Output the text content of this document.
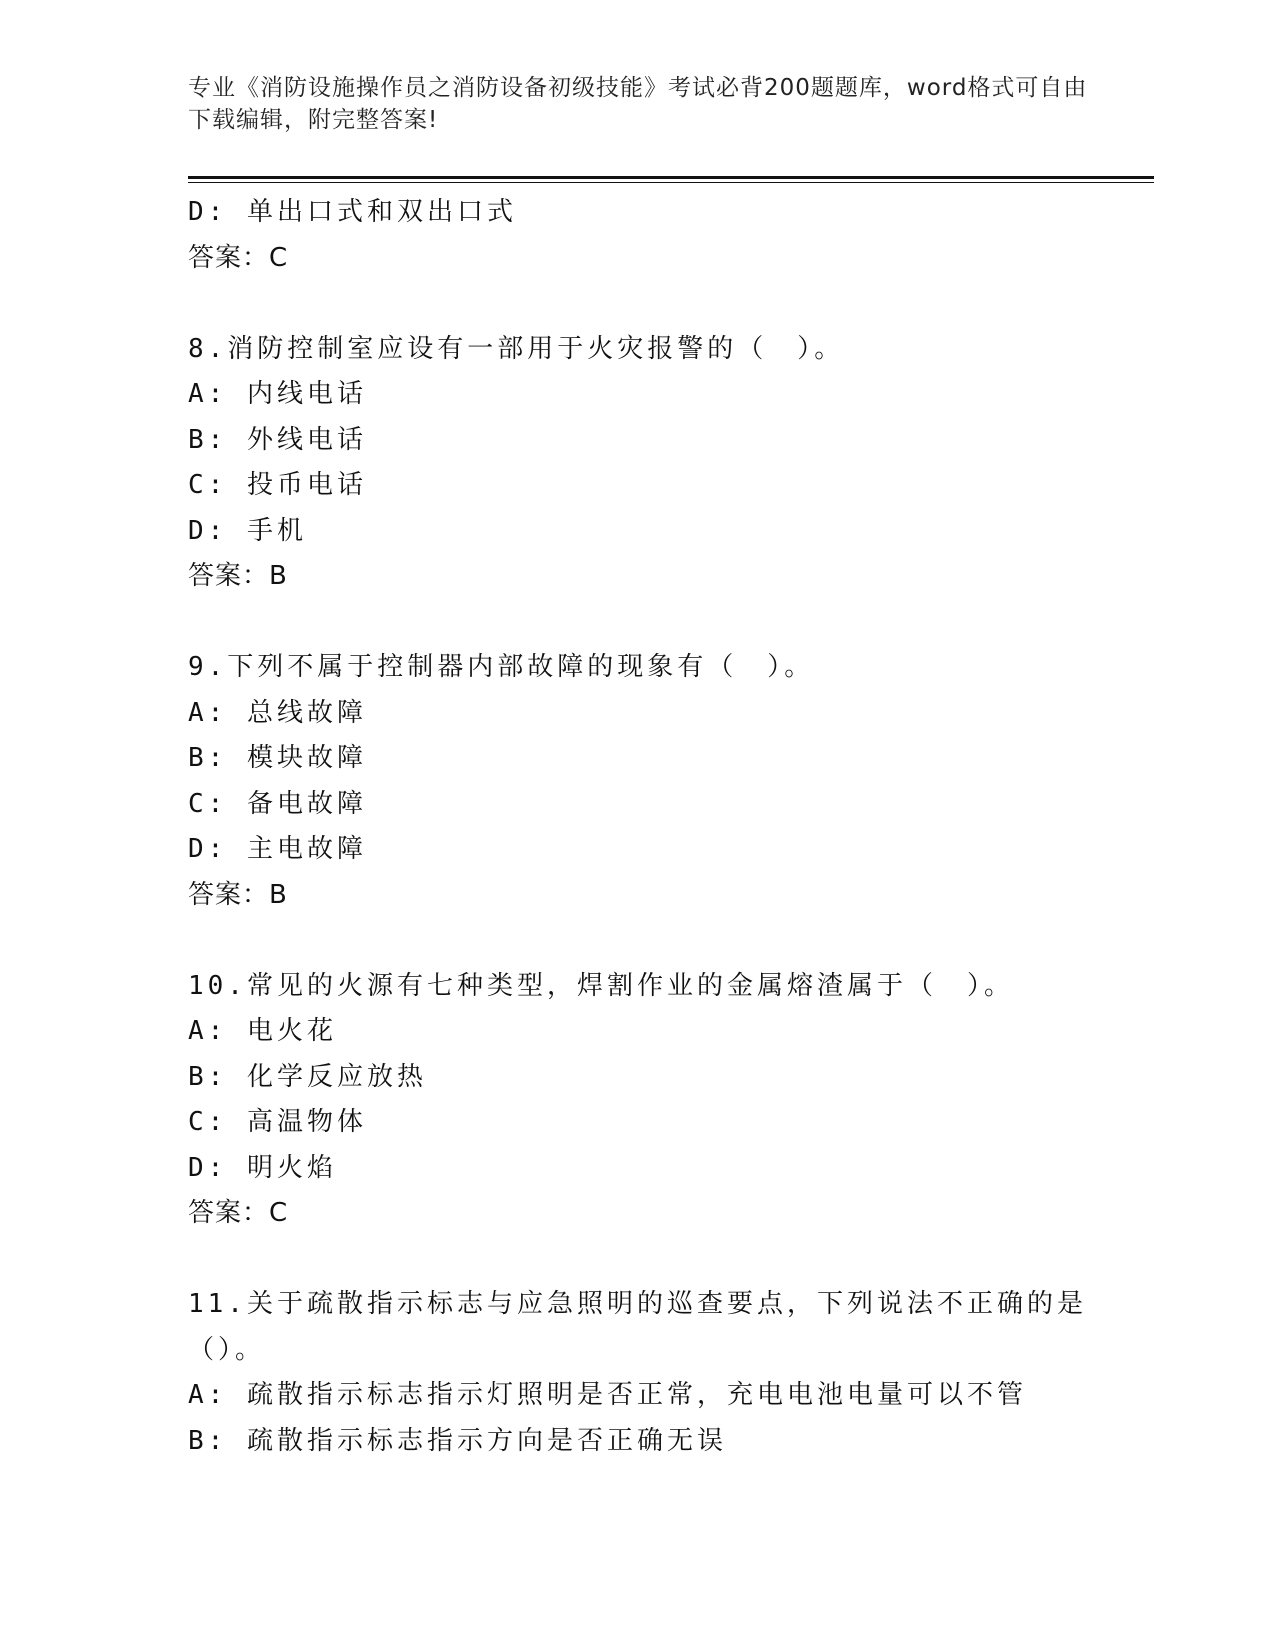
专业《消防设施操作员之消防设备初级技能》考试必背200题题库，word格式可自由下载编辑，附完整答案!
D: 单出口式和双出口式
答案：C
8.消防控制室应设有一部用于火灾报警的（　）。
A: 内线电话
B: 外线电话
C: 投币电话
D: 手机
答案：B
9.下列不属于控制器内部故障的现象有（　）。
A: 总线故障
B: 模块故障
C: 备电故障
D: 主电故障
答案：B
10.常见的火源有七种类型，焊割作业的金属熔渣属于（　）。
A: 电火花
B: 化学反应放热
C: 高温物体
D: 明火焰
答案：C
11.关于疏散指示标志与应急照明的巡查要点，下列说法不正确的是（）。
A: 疏散指示标志指示灯照明是否正常，充电电池电量可以不管
B: 疏散指示标志指示方向是否正确无误
